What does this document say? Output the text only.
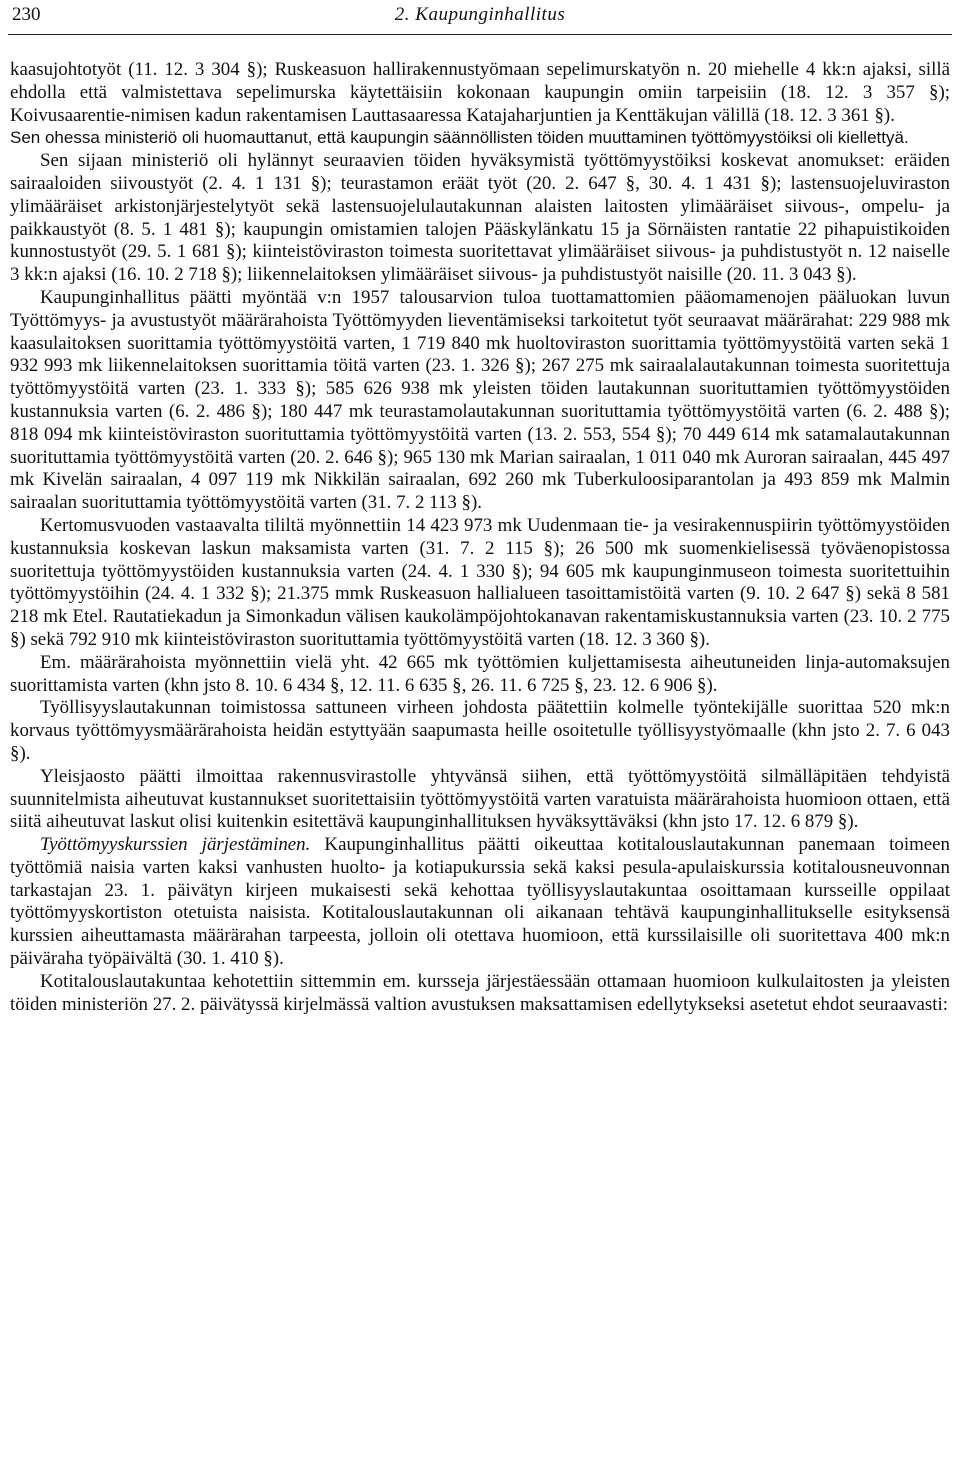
230	2. Kaupunginhallitus

kaasujohtotyöt (11. 12. 3 304 §); Ruskeasuon hallirakennustyömaan sepelimurskatyön n. 20 miehelle 4 kk:n ajaksi, sillä ehdolla että valmistettava sepelimurska käytettäisiin kokonaan kaupungin omiin tarpeisiin (18. 12. 3 357 §); Koivusaarentie-nimisen kadun rakentamisen Lauttasaaressa Katajaharjuntien ja Kenttäkujan välillä (18. 12. 3 361 §).

Sen ohessa ministeriö oli huomauttanut, että kaupungin säännöllisten töiden muuttaminen työttömyystöiksi oli kiellettyä.

Sen sijaan ministeriö oli hylännyt seuraavien töiden hyväksymistä työttömyystöiksi koskevat anomukset: eräiden sairaaloiden siivoustyöt (2. 4. 1 131 §); teurastamon eräät työt (20. 2. 647 §, 30. 4. 1 431 §); lastensuojeluviraston ylimääräiset arkistonjärjestelytyöt sekä lastensuojelulautakunnan alaisten laitosten ylimääräiset siivous-, ompelu- ja paikkaustyöt (8. 5. 1 481 §); kaupungin omistamien talojen Pääskylänkatu 15 ja Sörnäisten rantatie 22 pihapuistikoiden kunnostustyöt (29. 5. 1 681 §); kiinteistöviraston toimesta suoritettavat ylimääräiset siivous- ja puhdistustyöt n. 12 naiselle 3 kk:n ajaksi (16. 10. 2 718 §); liikennelaitoksen ylimääräiset siivous- ja puhdistustyöt naisille (20. 11. 3 043 §).

Kaupunginhallitus päätti myöntää v:n 1957 talousarvion tuloa tuottamattomien pääomamenojen pääluokan luvun Työttömyys- ja avustustyöt määrärahoista Työttömyyden lieventämiseksi tarkoitetut työt seuraavat määrärahat: 229 988 mk kaasulaitoksen suorittamia työttömyystöitä varten, 1 719 840 mk huoltoviraston suorittamia työttömyystöitä varten sekä 1 932 993 mk liikennelaitoksen suorittamia töitä varten (23. 1. 326 §); 267 275 mk sairaalalautakunnan toimesta suoritettuja työttömyystöitä varten (23. 1. 333 §); 585 626 938 mk yleisten töiden lautakunnan suorituttamien työttömyystöiden kustannuksia varten (6. 2. 486 §); 180 447 mk teurastamolautakunnan suorituttamia työttömyystöitä varten (6. 2. 488 §); 818 094 mk kiinteistöviraston suorituttamia työttömyystöitä varten (13. 2. 553, 554 §); 70 449 614 mk satamalautakunnan suorituttamia työttömyystöitä varten (20. 2. 646 §); 965 130 mk Marian sairaalan, 1 011 040 mk Auroran sairaalan, 445 497 mk Kivelän sairaalan, 4 097 119 mk Nikkilän sairaalan, 692 260 mk Tuberkuloosiparantolan ja 493 859 mk Malmin sairaalan suorituttamia työttömyystöitä varten (31. 7. 2 113 §).

Kertomusvuoden vastaavalta tililtä myönnettiin 14 423 973 mk Uudenmaan tie- ja vesirakennuspiirin työttömyystöiden kustannuksia koskevan laskun maksamista varten (31. 7. 2 115 §); 26 500 mk suomenkielisessä työväenopistossa suoritettuja työttömyystöiden kustannuksia varten (24. 4. 1 330 §); 94 605 mk kaupunginmuseon toimesta suoritettuihin työttömyystöihin (24. 4. 1 332 §); 21.375 mmk Ruskeasuon hallialueen tasoittamistöitä varten (9. 10. 2 647 §) sekä 8 581 218 mk Etel. Rautatiekadun ja Simonkadun välisen kaukolämpöjohtokanavan rakentamiskustannuksia varten (23. 10. 2 775 §) sekä 792 910 mk kiinteistöviraston suorituttamia työttömyystöitä varten (18. 12. 3 360 §).

Em. määrärahoista myönnettiin vielä yht. 42 665 mk työttömien kuljettamisesta aiheutuneiden linja-automaksujen suorittamista varten (khn jsto 8. 10. 6 434 §, 12. 11. 6 635 §, 26. 11. 6 725 §, 23. 12. 6 906 §).

Työllisyyslautakunnan toimistossa sattuneen virheen johdosta päätettiin kolmelle työntekijälle suorittaa 520 mk:n korvaus työttömyysmäärärahoista heidän estyttyään saapumasta heille osoitetulle työllisyystyömaalle (khn jsto 2. 7. 6 043 §).

Yleisjaosto päätti ilmoittaa rakennusvirastolle yhtyvänsä siihen, että työttömyystöitä silmälläpitäen tehdyistä suunnitelmista aiheutuvat kustannukset suoritettaisiin työttömyystöitä varten varatuista määrärahoista huomioon ottaen, että siitä aiheutuvat laskut olisi kuitenkin esitettävä kaupunginhallituksen hyväksyttäväksi (khn jsto 17. 12. 6 879 §).

Työttömyyskurssien järjestäminen. Kaupunginhallitus päätti oikeuttaa kotitalouslautakunnan panemaan toimeen työttömiä naisia varten kaksi vanhusten huolto- ja kotiapukurssia sekä kaksi pesula-apulaiskurssia kotitalousneuvonnan tarkastajan 23. 1. päivätyn kirjeen mukaisesti sekä kehottaa työllisyyslautakuntaa osoittamaan kursseille oppilaat työttömyyskortiston otetuista naisista. Kotitalouslautakunnan oli aikanaan tehtävä kaupunginhallitukselle esityksensä kurssien aiheuttamasta määrärahan tarpeesta, jolloin oli otettava huomioon, että kurssilaisille oli suoritettava 400 mk:n päiväraha työpäivältä (30. 1. 410 §).

Kotitalouslautakuntaa kehotettiin sittemmin em. kursseja järjestäessään ottamaan huomioon kulkulaitosten ja yleisten töiden ministeriön 27. 2. päivätyssä kirjelmässä valtion avustuksen maksattamisen edellytykseksi asetetut ehdot seuraavasti:
